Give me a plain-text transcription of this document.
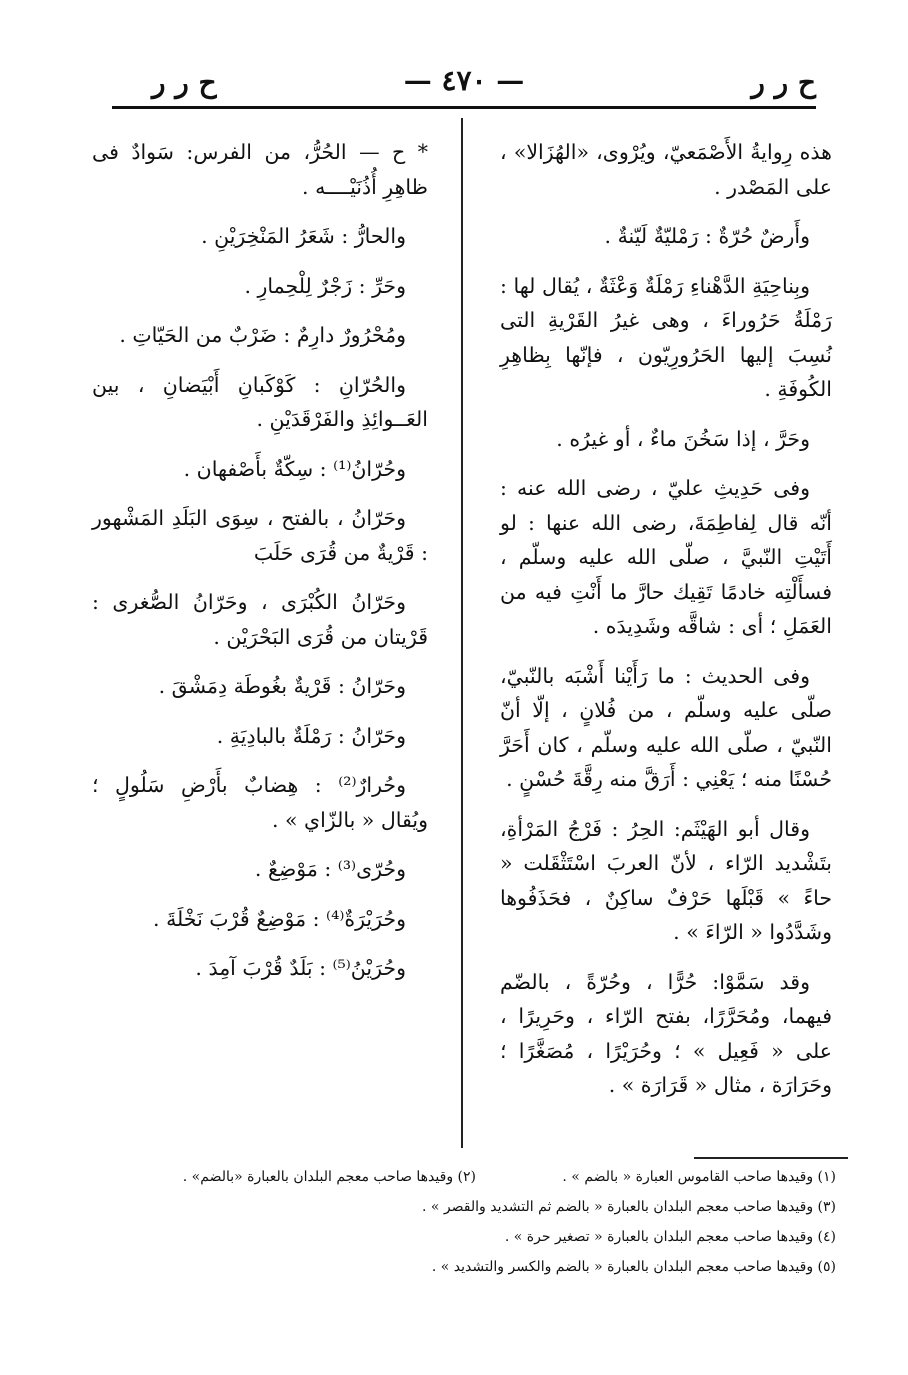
ح ر ر
— ٤٧٠ —
ح ر ر

هذه رِوايةُ الأَصْمَعيّ، ويُرْوى، «الهُزَالا» ، على المَصْدر .

وأَرضٌ حُرّةٌ : رَمْليّةٌ لَيّنةٌ .

وبِناحِيَةِ الدَّهْناءِ رَمْلَةٌ وَعْثَةٌ ، يُقال لها : رَمْلَةُ حَرُوراءَ ، وهى غيرُ القَرْيةِ التى نُسِبَ إليها الحَرُورِيّون ، فإنّها بِظاهِرِ الكُوفَةِ .

وحَرَّ ، إذا سَخُنَ ماءٌ ، أو غيرُه .

وفى حَدِيثِ عليّ ، رضى الله عنه : أنّه قال لِفاطِمَةَ، رضى الله عنها : لو أَتَيْتِ النّبيَّ ، صلّى الله عليه وسلّم ، فسأَلْتِه خادمًا تَقِيك حارَّ ما أَنْتِ فيه من العَمَلِ ؛ أى : شاقَّه وشَدِيدَه .

وفى الحديث : ما رَأَيْنا أَشْبَه بالنّبيّ، صلّى عليه وسلّم ، من فُلانٍ ، إلّا أنّ النّبيّ ، صلّى الله عليه وسلّم ، كان أَحَرَّ حُسْنًا منه ؛ يَعْنِي : أَرَقَّ منه رِقَّةَ حُسْنٍ .

وقال أبو الهَيْثَم: الحِرُ : فَرْجُ المَرْأةِ، بتَشْديد الرّاء ، لأنّ العربَ اسْتَثْقَلت « حاءً » قَبْلَها حَرْفٌ ساكِنٌ ، فحَذَفُوها وشَدَّدُوا « الرّاءَ » .

وقد سَمَّوْا: حُرًّا ، وحُرّةً ، بالضّم فيهما، ومُحَرَّرًا، بفتح الرّاء ، وحَرِيرًا ، على « فَعِيل » ؛ وحُرَيْرًا ، مُصَغَّرًا ؛ وحَرَارَة ، مثال « قَرَارَة » .

* ح — الحُرُّ، من الفرس: سَوادٌ فى ظاهِرِ أُذُنَيْــــه .

والحارُّ : شَعَرُ المَنْخِرَيْنِ .

وحَرِّ : زَجْرٌ لِلْحِمارِ .

ومُحْرُورٌ دارِمٌ : ضَرْبٌ من الحَيّاتِ .

والحُرّانِ : كَوْكَبانِ أَبْيَضانِ ، بين العَــوائِذِ والفَرْقَدَيْنِ .

وحُرّانُ⁽¹⁾ : سِكّةٌ بأَصْفهان .

وحَرّانُ ، بالفتح ، سِوَى البَلَدِ المَشْهور : قَرْيةٌ من قُرَى حَلَبَ

وحَرّانُ الكُبْرَى ، وحَرّانُ الصُّغرى : قَرْيتان من قُرَى البَحْرَيْن .

وحَرّانُ : قَرْيةٌ بغُوطَة دِمَشْقَ .

وحَرّانُ : رَمْلَةٌ بالبادِيَةِ .

وحُرارٌ⁽²⁾ : هِضابٌ بأَرْضِ سَلُولٍ ؛ ويُقال « بالزّاي » .

وحُرّى⁽³⁾ : مَوْضِعٌ .

وحُرَيْرَةٌ⁽⁴⁾ : مَوْضِعٌ قُرْبَ نَخْلَةَ .

وحُرَيْنُ⁽⁵⁾ : بَلَدٌ قُرْبَ آمِدَ .

(١) وقيدها صاحب القاموس العبارة « بالضم » .
(٢) وقيدها صاحب معجم البلدان بالعبارة «بالضم» .
(٣) وقيدها صاحب معجم البلدان بالعبارة « بالضم ثم التشديد والقصر » .
(٤) وقيدها صاحب معجم البلدان بالعبارة « تصغير حرة » .
(٥) وقيدها صاحب معجم البلدان بالعبارة « بالضم والكسر والتشديد » .
